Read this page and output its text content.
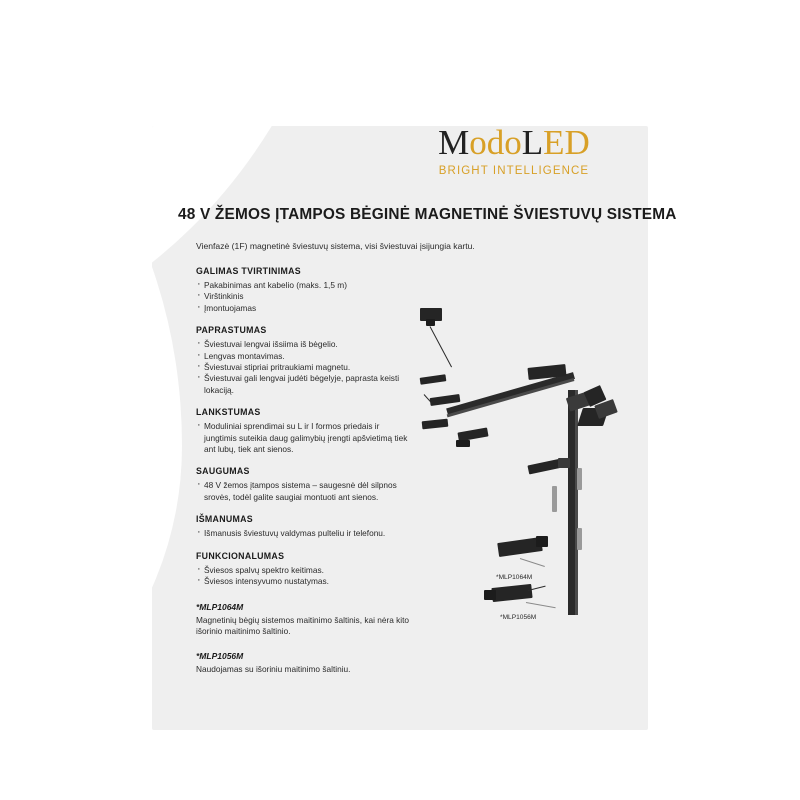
ModoLED
BRIGHT INTELLIGENCE
48 V ŽEMOS ĮTAMPOS BĖGINĖ MAGNETINĖ ŠVIESTUVŲ SISTEMA
Vienfazė (1F) magnetinė šviestuvų sistema, visi šviestuvai įsijungia kartu.
GALIMAS TVIRTINIMAS
· Pakabinimas ant kabelio (maks. 1,5 m)
· Virštinkinis
· Įmontuojamas
PAPRASTUMAS
· Šviestuvai lengvai išsiima iš bėgelio.
· Lengvas montavimas.
· Šviestuvai stipriai pritraukiami magnetu.
· Šviestuvai gali lengvai judėti bėgelyje, paprasta keisti lokaciją.
LANKSTUMAS
· Moduliniai sprendimai su L ir I formos priedais ir jungtimis suteikia daug galimybių įrengti apšvietimą tiek ant lubų, tiek ant sienos.
SAUGUMAS
· 48 V žemos įtampos sistema – saugesnė dėl silpnos srovės, todėl galite saugiai montuoti ant sienos.
IŠMANUMAS
· Išmanusis šviestuvų valdymas pulteliu ir telefonu.
FUNKCIONALUMAS
· Šviesos spalvų spektro keitimas.
· Šviesos intensyvumo nustatymas.
*MLP1064M
Magnetinių bėgių sistemos maitinimo šaltinis, kai nėra kito išorinio maitinimo šaltinio.
*MLP1056M
Naudojamas su išoriniu maitinimo šaltiniu.
*MLP1064M
*MLP1056M
